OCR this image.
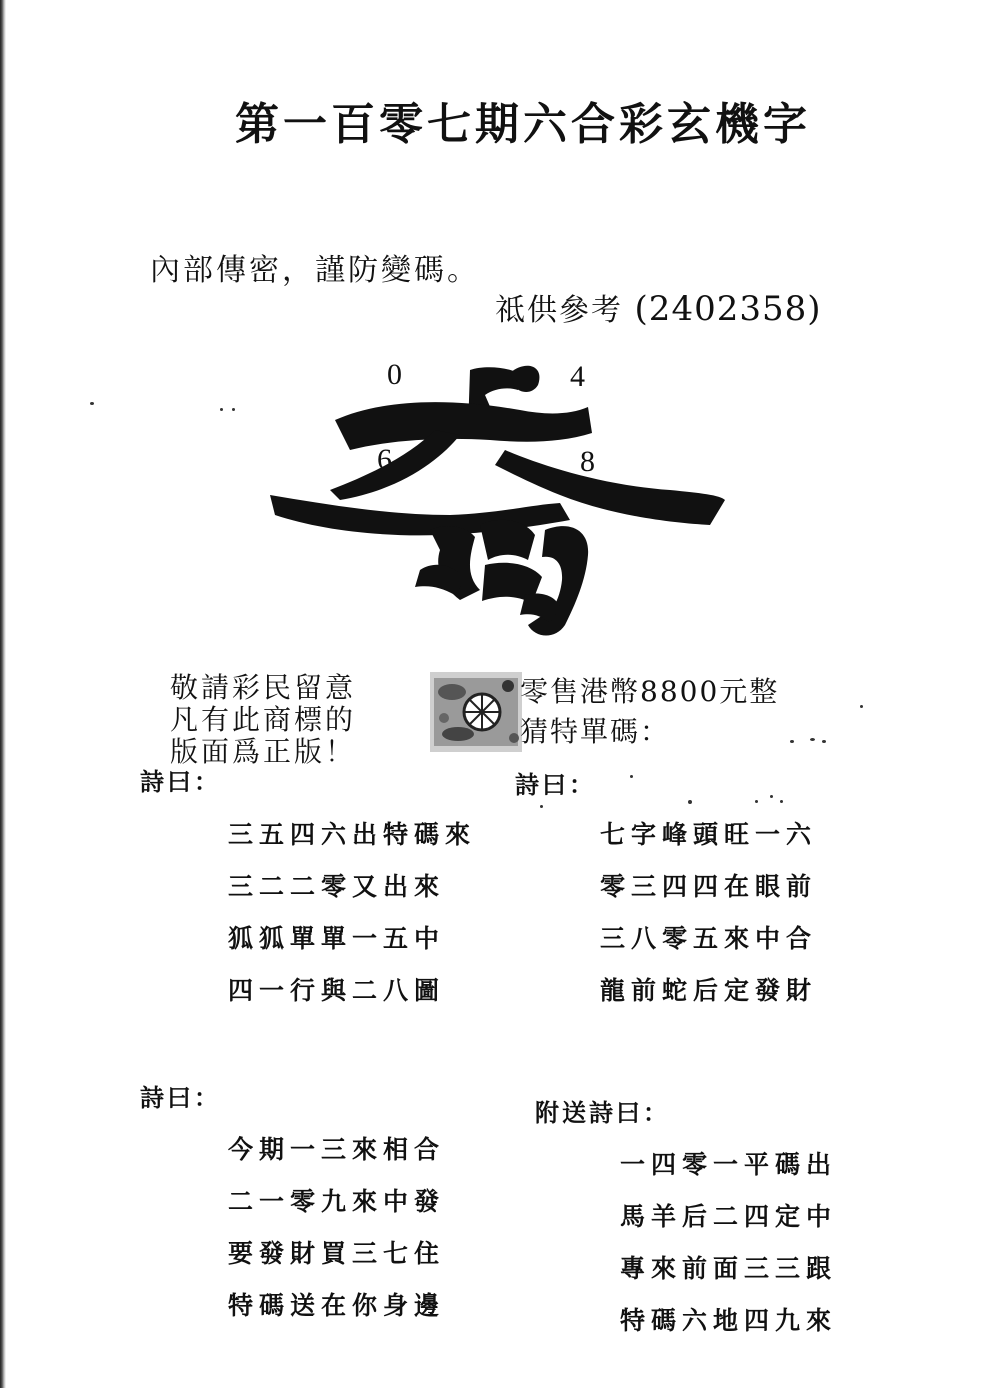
第一百零七期六合彩玄機字
內部傳密，謹防變碼。
祗供參考 (2402358)
0	4
6	8
敬請彩民留意
凡有此商標的
版面爲正版！
零售港幣8800元整
猜特單碼：
詩曰：
三五四六出特碼來
三二二零又出來
狐狐單單一五中
四一行與二八圖
詩曰：
七字峰頭旺一六
零三四四在眼前
三八零五來中合
龍前蛇后定發財
詩曰：
今期一三來相合
二一零九來中發
要發財買三七住
特碼送在你身邊
附送詩曰：
一四零一平碼出
馬羊后二四定中
專來前面三三跟
特碼六地四九來
